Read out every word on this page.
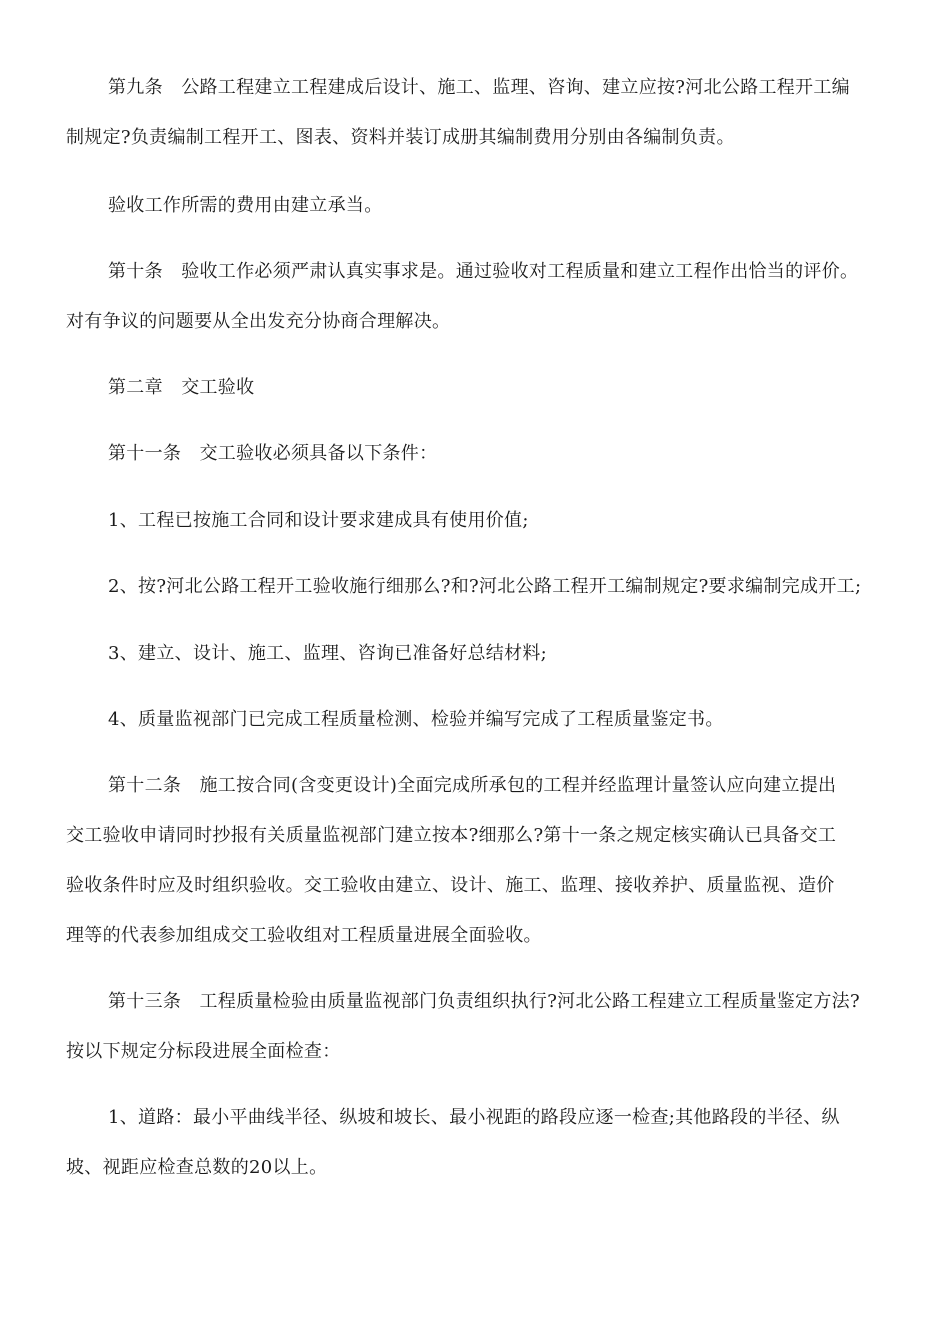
第九条　公路工程建立工程建成后设计、施工、监理、咨询、建立应按?河北公路工程开工编
制规定?负责编制工程开工、图表、资料并装订成册其编制费用分别由各编制负责。
验收工作所需的费用由建立承当。
第十条　验收工作必须严肃认真实事求是。通过验收对工程质量和建立工程作出恰当的评价。
对有争议的问题要从全出发充分协商合理解决。
第二章　交工验收
第十一条　交工验收必须具备以下条件：
1、工程已按施工合同和设计要求建成具有使用价值;
2、按?河北公路工程开工验收施行细那么?和?河北公路工程开工编制规定?要求编制完成开工;
3、建立、设计、施工、监理、咨询已准备好总结材料;
4、质量监视部门已完成工程质量检测、检验并编写完成了工程质量鉴定书。
第十二条　施工按合同(含变更设计)全面完成所承包的工程并经监理计量签认应向建立提出
交工验收申请同时抄报有关质量监视部门建立按本?细那么?第十一条之规定核实确认已具备交工
验收条件时应及时组织验收。交工验收由建立、设计、施工、监理、接收养护、质量监视、造价
理等的代表参加组成交工验收组对工程质量进展全面验收。
第十三条　工程质量检验由质量监视部门负责组织执行?河北公路工程建立工程质量鉴定方法?
按以下规定分标段进展全面检查：
1、道路：最小平曲线半径、纵坡和坡长、最小视距的路段应逐一检查;其他路段的半径、纵
坡、视距应检查总数的20以上。
